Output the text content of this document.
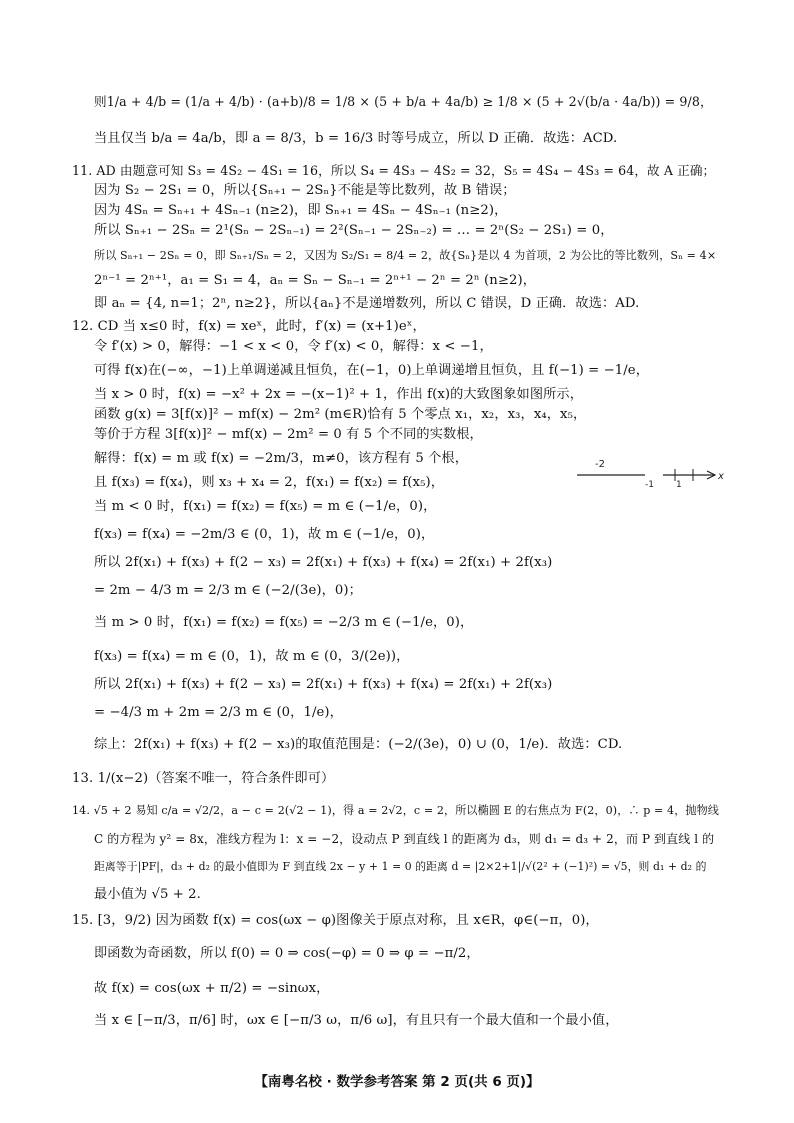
则1/a + 4/b = (1/a + 4/b) · (a+b)/8 = 1/8 × (5 + b/a + 4a/b) ≥ 1/8 × (5 + 2√(b/a · 4a/b)) = 9/8，
当且仅当 b/a = 4a/b，即 a = 8/3，b = 16/3 时等号成立，所以 D 正确．故选：ACD.
11. AD 由题意可知 S₃ = 4S₂ − 4S₁ = 16，所以 S₄ = 4S₃ − 4S₂ = 32，S₅ = 4S₄ − 4S₃ = 64，故 A 正确；
因为 S₂ − 2S₁ = 0，所以{Sₙ₊₁ − 2Sₙ}不能是等比数列，故 B 错误；
因为 4Sₙ = Sₙ₊₁ + 4Sₙ₋₁ (n≥2)，即 Sₙ₊₁ = 4Sₙ − 4Sₙ₋₁ (n≥2)，
所以 Sₙ₊₁ − 2Sₙ = 2¹(Sₙ − 2Sₙ₋₁) = 2²(Sₙ₋₁ − 2Sₙ₋₂) = … = 2ⁿ(S₂ − 2S₁) = 0，
所以 Sₙ₊₁ − 2Sₙ = 0，即 Sₙ₊₁/Sₙ = 2，又因为 S₂/S₁ = 8/4 = 2，故{Sₙ}是以 4 为首项，2 为公比的等比数列，Sₙ = 4×
2ⁿ⁻¹ = 2ⁿ⁺¹，a₁ = S₁ = 4，aₙ = Sₙ − Sₙ₋₁ = 2ⁿ⁺¹ − 2ⁿ = 2ⁿ (n≥2)，
即 aₙ = {4, n=1；2ⁿ, n≥2}，所以{aₙ}不是递增数列，所以 C 错误，D 正确．故选：AD.
12. CD 当 x≤0 时，f(x) = xeˣ，此时，f′(x) = (x+1)eˣ，
令 f′(x) > 0，解得：−1 < x < 0，令 f′(x) < 0，解得：x < −1，
可得 f(x)在(−∞，−1)上单调递减且恒负，在(−1，0)上单调递增且恒负，且 f(−1) = −1/e，
当 x > 0 时，f(x) = −x² + 2x = −(x−1)² + 1，作出 f(x)的大致图象如图所示，
函数 g(x) = 3[f(x)]² − mf(x) − 2m² (m∈R)恰有 5 个零点 x₁，x₂，x₃，x₄，x₅，
等价于方程 3[f(x)]² − mf(x) − 2m² = 0 有 5 个不同的实数根，
解得：f(x) = m 或 f(x) = −2m/3，m≠0，该方程有 5 个根，
且 f(x₃) = f(x₄)，则 x₃ + x₄ = 2，f(x₁) = f(x₂) = f(x₅)，
当 m < 0 时，f(x₁) = f(x₂) = f(x₅) = m ∈ (−1/e，0)，
f(x₃) = f(x₄) = −2m/3 ∈ (0，1)，故 m ∈ (−1/e，0)，
所以 2f(x₁) + f(x₃) + f(2 − x₃) = 2f(x₁) + f(x₃) + f(x₄) = 2f(x₁) + 2f(x₃)
= 2m − 4/3 m = 2/3 m ∈ (−2/(3e)，0)；
当 m > 0 时，f(x₁) = f(x₂) = f(x₅) = −2/3 m ∈ (−1/e，0)，
f(x₃) = f(x₄) = m ∈ (0，1)，故 m ∈ (0，3/(2e))，
所以 2f(x₁) + f(x₃) + f(2 − x₃) = 2f(x₁) + f(x₃) + f(x₄) = 2f(x₁) + 2f(x₃)
= −4/3 m + 2m = 2/3 m ∈ (0，1/e)，
综上：2f(x₁) + f(x₃) + f(2 − x₃)的取值范围是：(−2/(3e)，0) ∪ (0，1/e)．故选：CD.
13. 1/(x−2)（答案不唯一，符合条件即可）
14. √5 + 2 易知 c/a = √2/2，a − c = 2(√2 − 1)，得 a = 2√2，c = 2，所以椭圆 E 的右焦点为 F(2，0)，∴ p = 4，抛物线
C 的方程为 y² = 8x，准线方程为 l：x = −2，设动点 P 到直线 l 的距离为 d₃，则 d₁ = d₃ + 2，而 P 到直线 l 的
距离等于|PF|，d₃ + d₂ 的最小值即为 F 到直线 2x − y + 1 = 0 的距离 d = |2×2+1|/√(2² + (−1)²) = √5，则 d₁ + d₂ 的
最小值为 √5 + 2.
15. [3，9/2) 因为函数 f(x) = cos(ωx − φ)图像关于原点对称，且 x∈R，φ∈(−π，0)，
即函数为奇函数，所以 f(0) = 0 ⇒ cos(−φ) = 0 ⇒ φ = −π/2，
故 f(x) = cos(ωx + π/2) = −sinωx，
当 x ∈ [−π/3，π/6] 时，ωx ∈ [−π/3 ω，π/6 ω]，有且只有一个最大值和一个最小值，
-2
x
1
-1
【南粤名校 · 数学参考答案 第 2 页(共 6 页)】
